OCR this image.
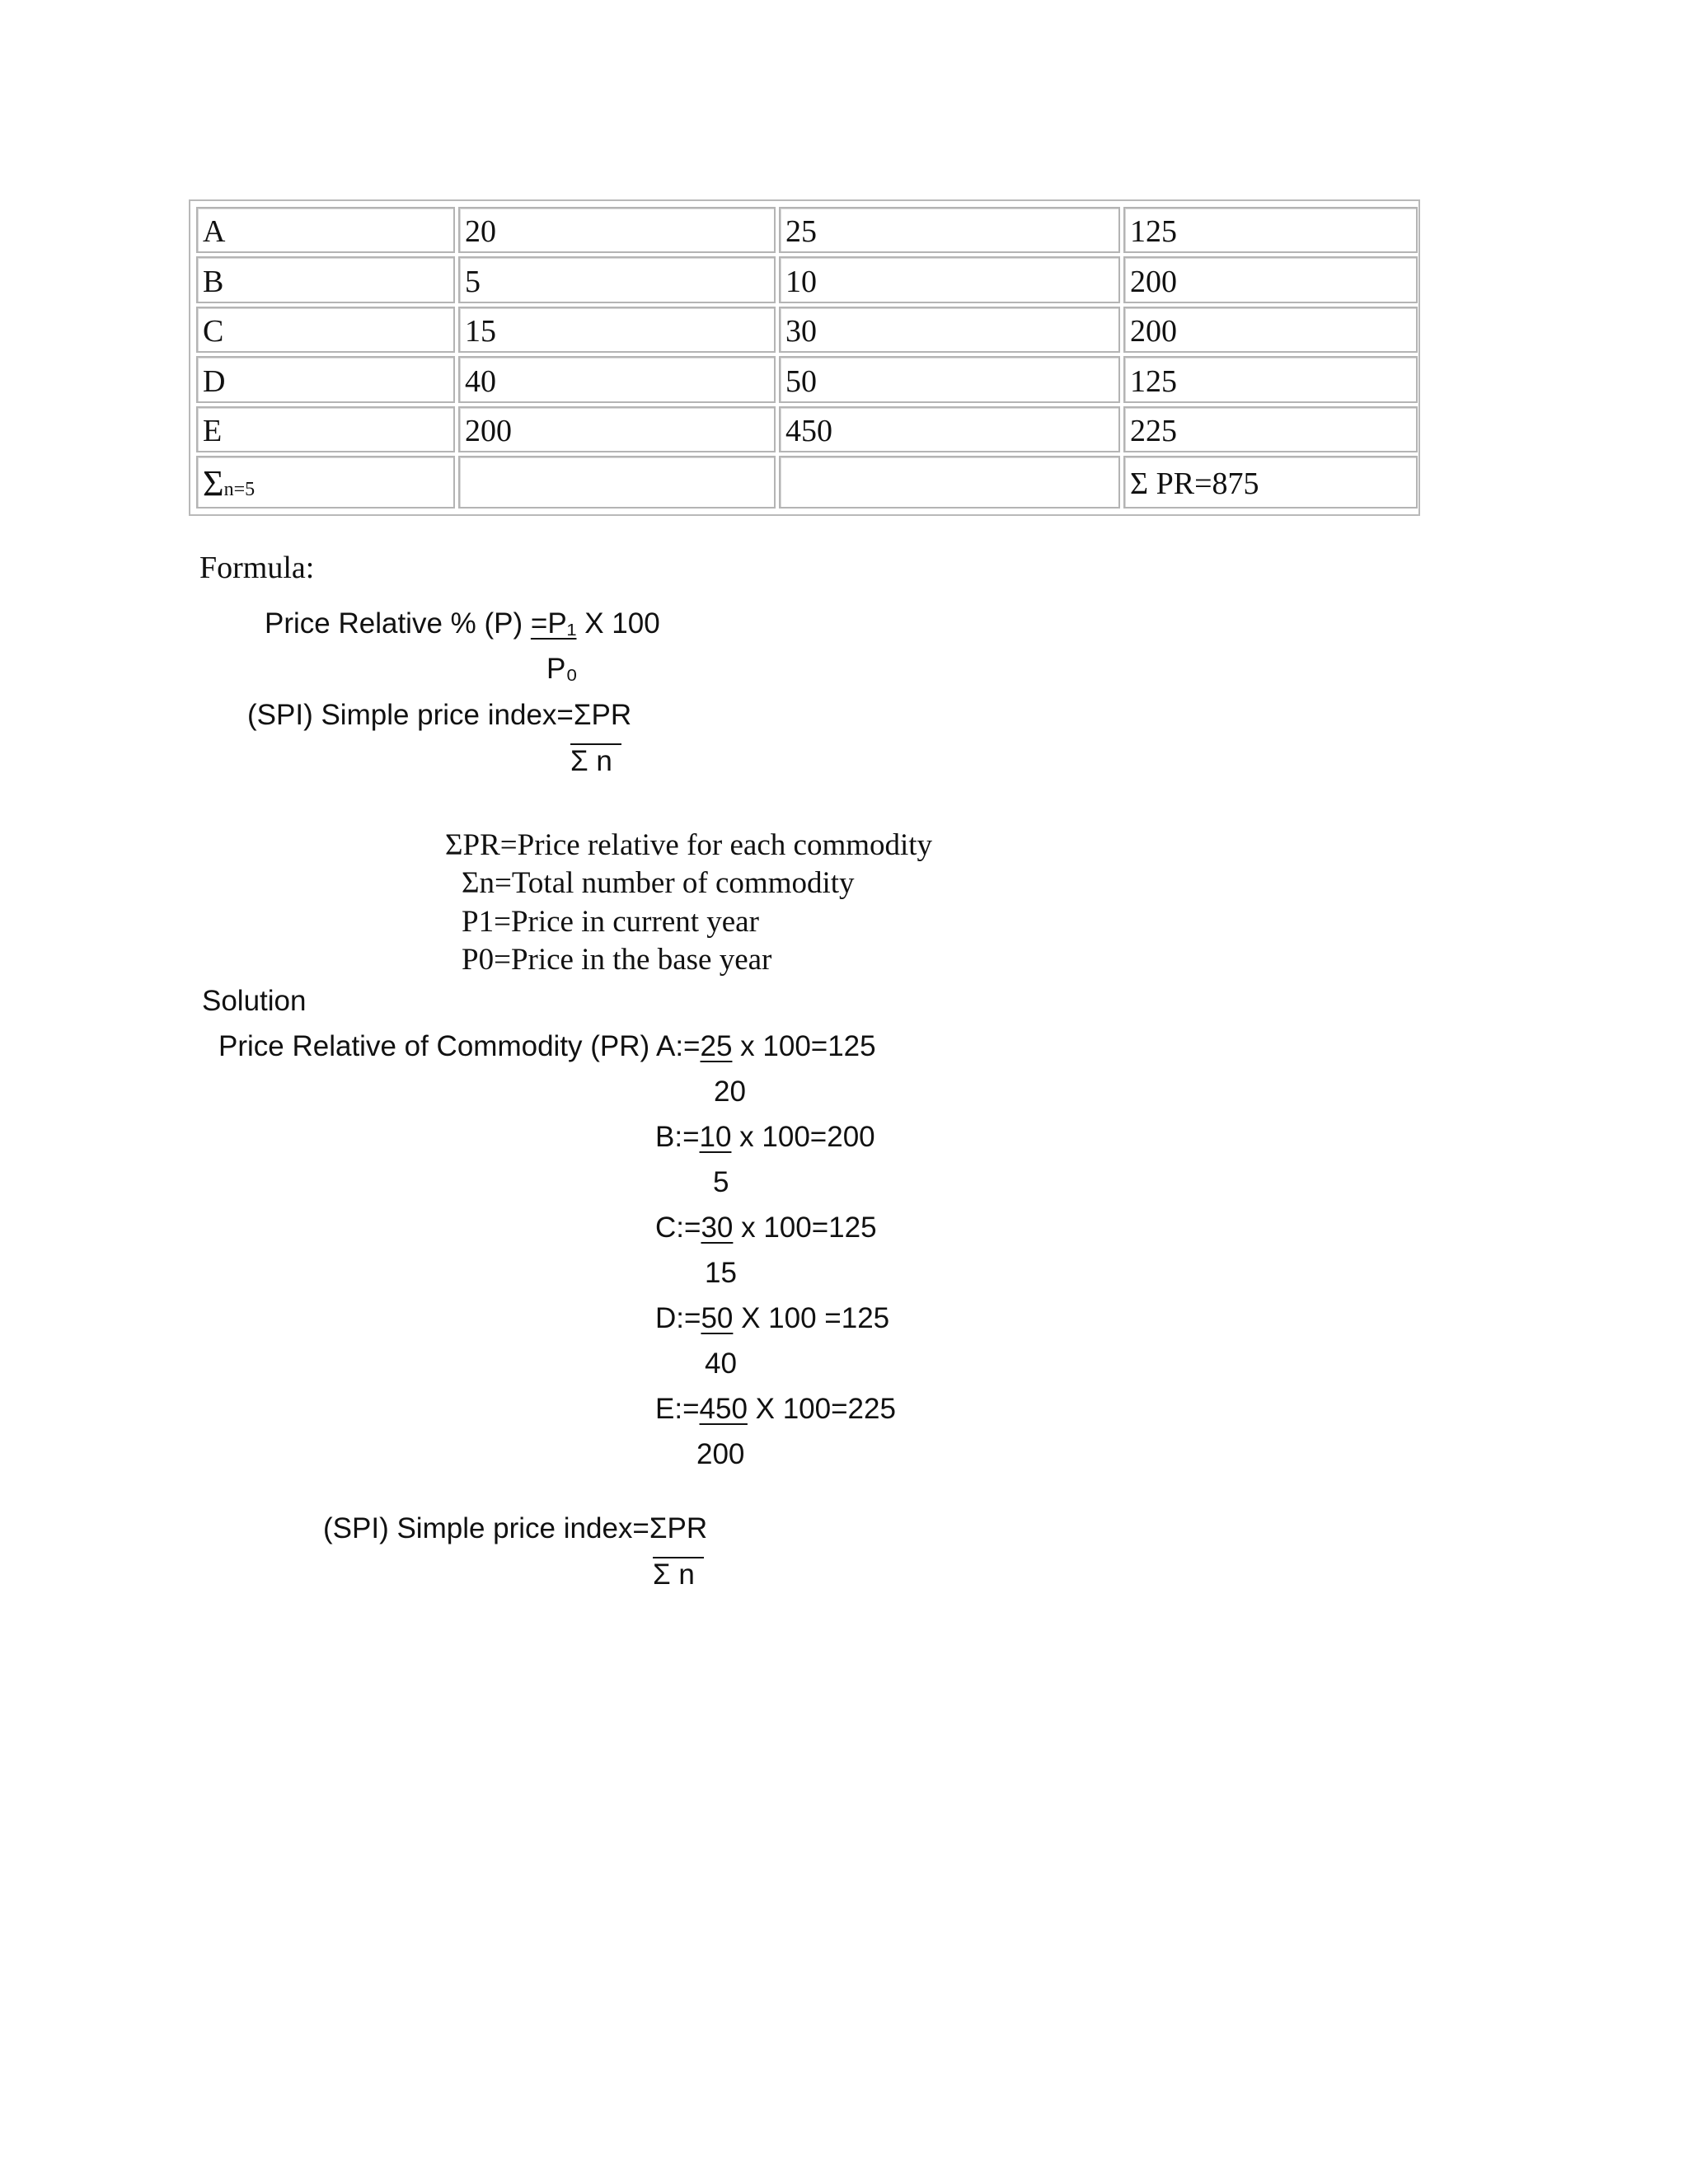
A	20	25	125
B	5	10	200
C	15	30	200
D	40	50	125
E	200	450	225
Σn=5			Σ PR=875
Formula:
Price Relative % (P) =P₁ X 100
P₀
(SPI) Simple price index=ΣPR
Σ n
ΣPR=Price relative for each commodity
Σn=Total number of commodity
P1=Price in current year
P0=Price in the base year
Solution
Price Relative of Commodity (PR) A:=25 x 100=125
20
B:=10 x 100=200
5
C:=30 x 100=125
15
D:=50 X 100 =125
40
E:=450 X 100=225
200
(SPI) Simple price index=ΣPR
Σ n
